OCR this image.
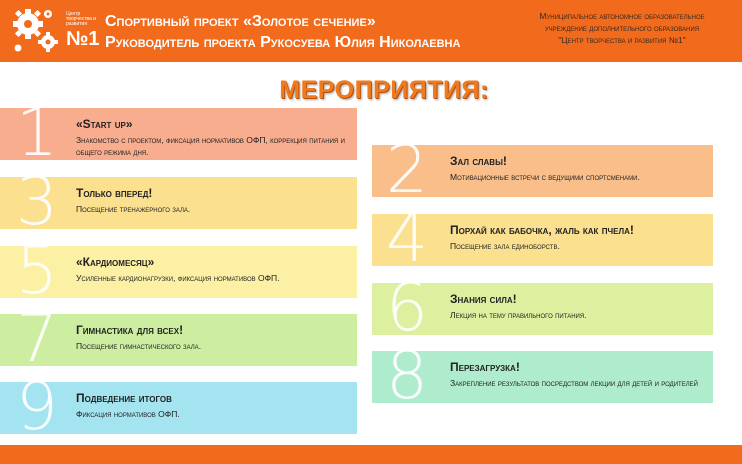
Центр творчества и развития
№1
Спортивный проект «Золотое сечение»
Руководитель проекта Рукосуева Юлия Николаевна
Муниципальное автономное образовательное
учреждение дополнительного образования
"Центр творчества и развития №1"
МЕРОПРИЯТИЯ:
1 «Start up»
Знакомство с проектом, фиксация нормативов ОФП, коррекция питания и общего режима дня.
3 Только вперед!
Посещение тренажерного зала.
5 «Кардиомесяц»
Усиленные кардионагрузки, фиксация нормативов ОФП.
7 Гимнастика для всех!
Посещение гимнастического зала.
9 Подведение итогов
Фиксация нормативов ОФП.
2 Зал славы!
Мотивационные встречи с ведущими спортсменами.
4 Порхай как бабочка, жаль как пчела!
Посещение зала единоборств.
6 Знания сила!
Лекция на тему правильного питания.
8 Перезагрузка!
Закрепление результатов посредством лекции для детей и родителей
